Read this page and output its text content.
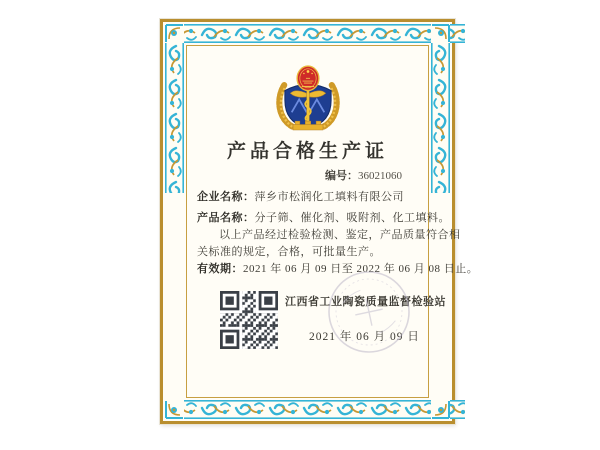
产品合格生产证
编号：36021060
企业名称：萍乡市松润化工填料有限公司
产品名称：分子筛、催化剂、吸附剂、化工填料。
以上产品经过检验检测、鉴定，产品质量符合相
关标准的规定，合格，可批量生产。
有效期：2021 年 06 月 09 日至 2022 年 06 月 08 日止。
江西省工业陶瓷质量监督检验站
2021 年 06 月 09 日
